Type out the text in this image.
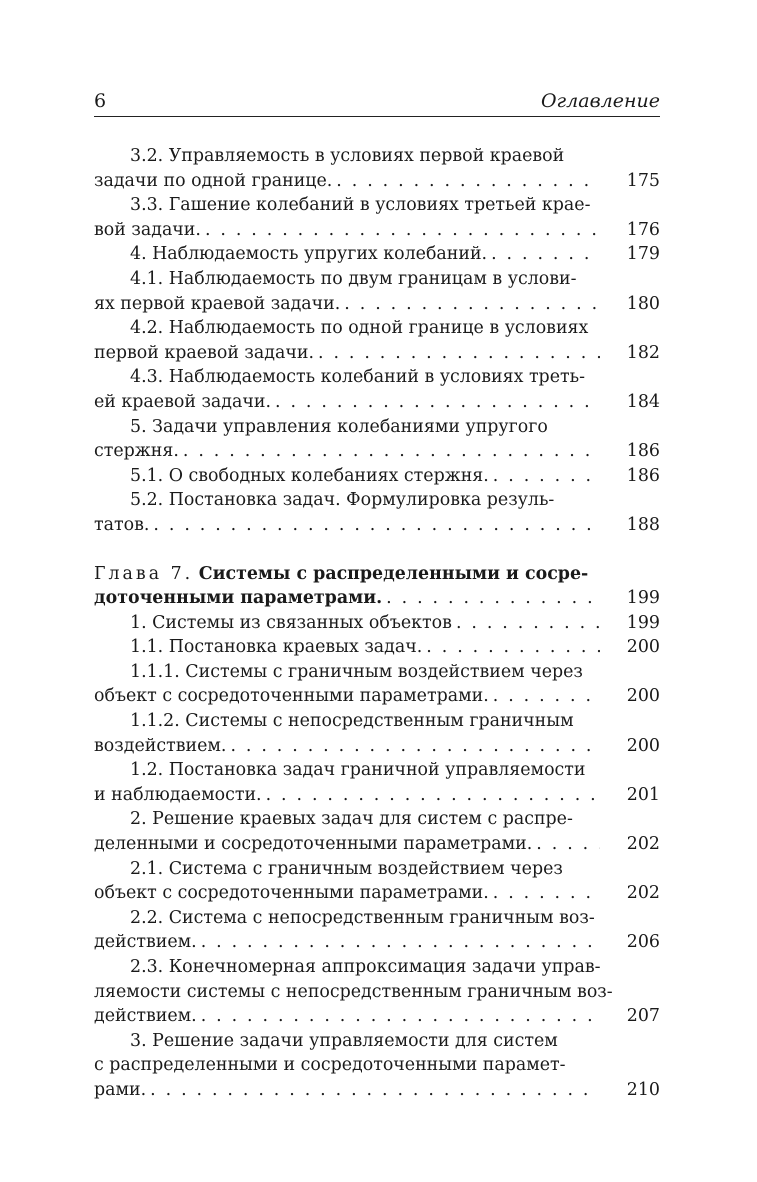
6	Оглавление
3.2. Управляемость в условиях первой краевой
задачи по одной границе. . . .	175
3.3. Гашение колебаний в условиях третьей крае-
вой задачи. . . .	176
4. Наблюдаемость упругих колебаний. . . .	179
4.1. Наблюдаемость по двум границам в услови-
ях первой краевой задачи. . . .	180
4.2. Наблюдаемость по одной границе в условиях
первой краевой задачи. . . .	182
4.3. Наблюдаемость колебаний в условиях треть-
ей краевой задачи. . . .	184
5. Задачи управления колебаниями упругого
стержня. . . .	186
5.1. О свободных колебаниях стержня. . . .	186
5.2. Постановка задач. Формулировка резуль-
татов. . . .	188
Глава 7. Системы с распределенными и сосре-
доточенными параметрами. . . .	199
1. Системы из связанных объектов . . .	199
1.1. Постановка краевых задач. . . .	200
1.1.1. Системы с граничным воздействием через
объект с сосредоточенными параметрами. . . .	200
1.1.2. Системы с непосредственным граничным
воздействием. . . .	200
1.2. Постановка задач граничной управляемости
и наблюдаемости. . . .	201
2. Решение краевых задач для систем с распре-
деленными и сосредоточенными параметрами. . . .	202
2.1. Система с граничным воздействием через
объект с сосредоточенными параметрами. . . .	202
2.2. Система с непосредственным граничным воз-
действием. . . .	206
2.3. Конечномерная аппроксимация задачи управ-
ляемости системы с непосредственным граничным воз-
действием. . . .	207
3. Решение задачи управляемости для систем
с распределенными и сосредоточенными парамет-
рами. . . .	210
